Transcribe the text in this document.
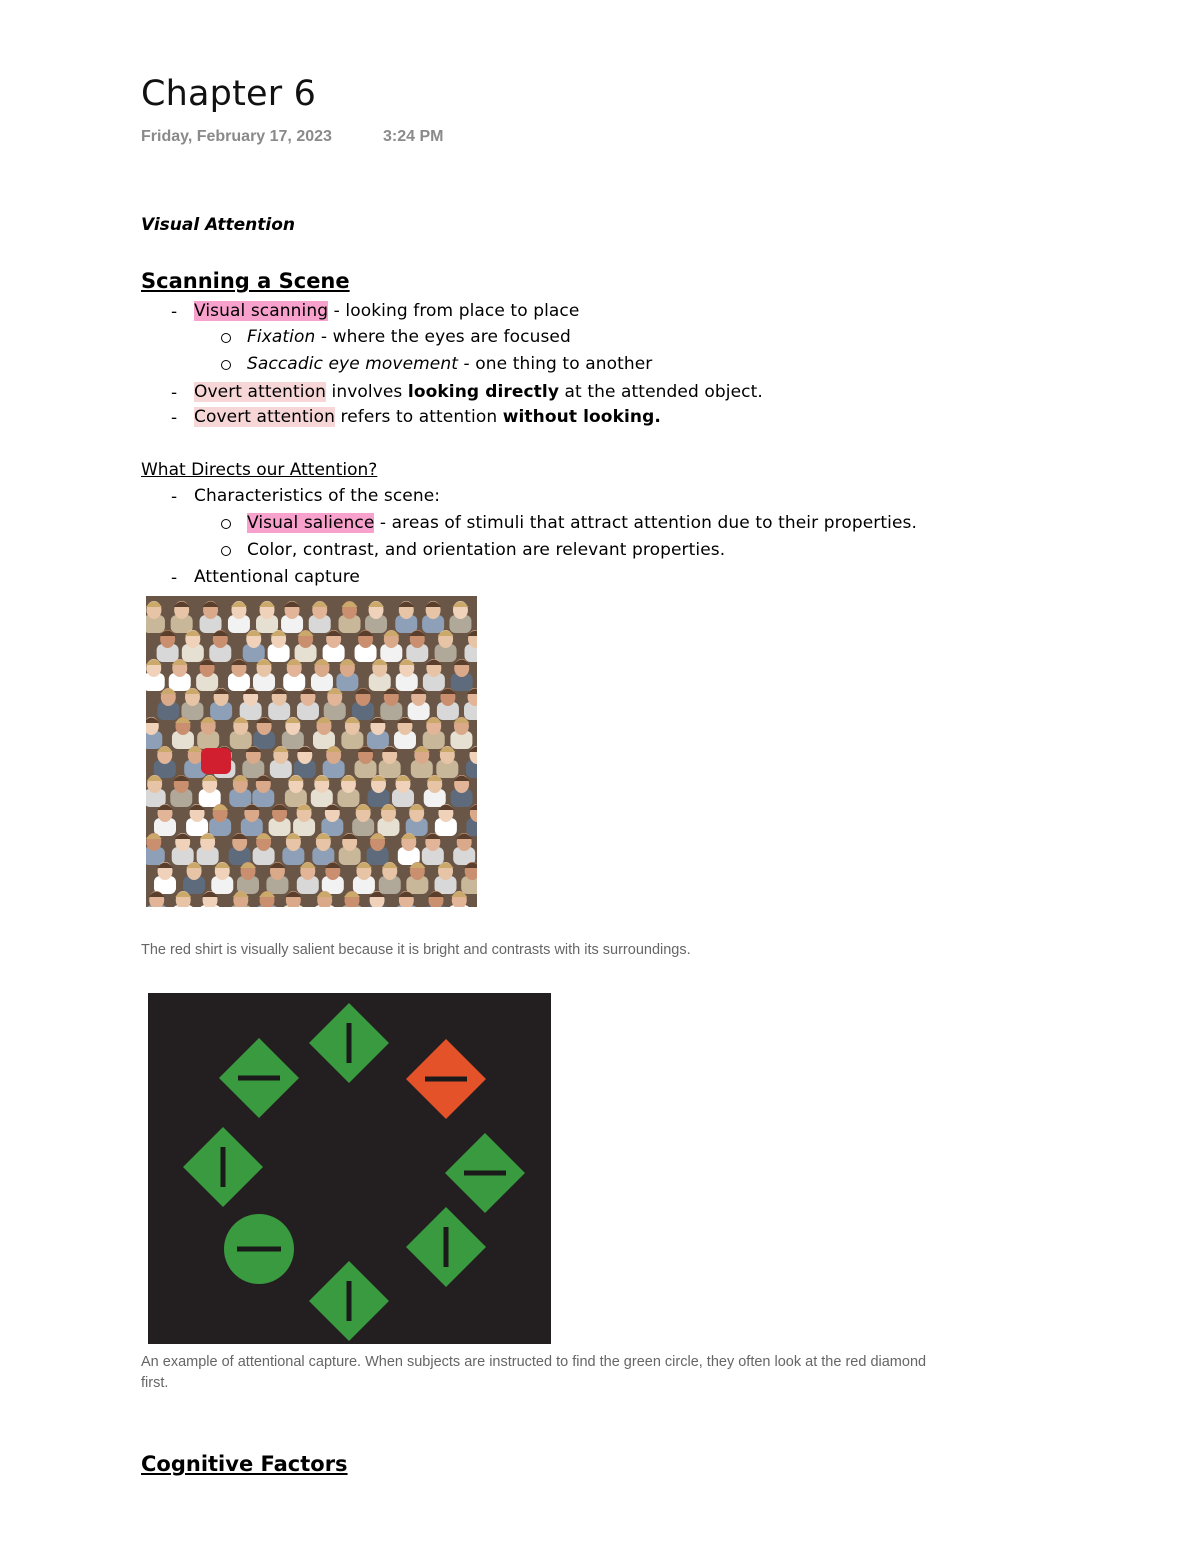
Chapter 6
Friday, February 17, 2023	3:24 PM
Visual Attention
Scanning a Scene
- Visual scanning - looking from place to place
Fixation - where the eyes are focused
Saccadic eye movement - one thing to another
- Overt attention involves looking directly at the attended object.
- Covert attention refers to attention without looking.
What Directs our Attention?
- Characteristics of the scene:
Visual salience - areas of stimuli that attract attention due to their properties.
Color, contrast, and orientation are relevant properties.
- Attentional capture
The red shirt is visually salient because it is bright and contrasts with its surroundings.
An example of attentional capture. When subjects are instructed to find the green circle, they often look at the red diamond
first.
Cognitive Factors
